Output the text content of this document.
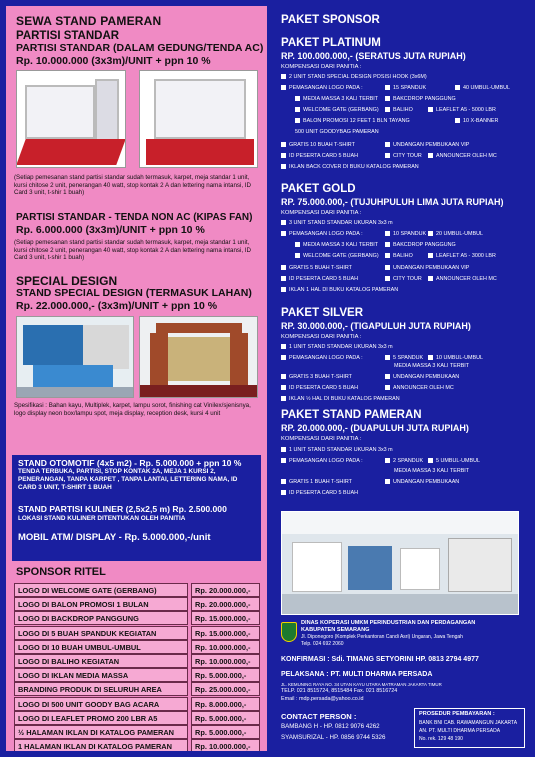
SEWA STAND PAMERAN
PARTISI STANDAR
PARTISI STANDAR (DALAM GEDUNG/TENDA AC)
Rp. 10.000.000 (3x3m)/UNIT + ppn 10 %
(Setiap pemesanan stand partisi standar sudah termasuk, karpet, meja standar 1 unit, kursi chitose 2 unit, penerangan 40 watt, stop kontak 2 A dan lettering nama intansi, ID Card 3 unit, t-shir 1 buah)
PARTISI STANDAR - TENDA NON AC (KIPAS FAN)
Rp. 6.000.000 (3x3m)/UNIT + ppn 10 %
(Setiap pemesanan stand partisi standar sudah termasuk, karpet, meja standar 1 unit, kursi chitose 2 unit, penerangan 40 watt, stop kontak 2 A dan lettering nama intansi, ID Card 3 unit, t-shir 1 buah)
SPECIAL DESIGN
STAND SPECIAL DESIGN (TERMASUK LAHAN)
Rp. 22.000.000,- (3x3m)/UNIT + ppn 10 %
Spesifikasi : Bahan kayu, Multiplek, karpet, lampu sorot, finishing cat Vinilex/sjenisnya, logo display neon box/lampu spot, meja display, reception desk, kursi 4 unit
STAND OTOMOTIF (4x5 m2) - Rp. 5.000.000 + ppn 10 %
TENDA TERBUKA, PARTISI, STOP KONTAK 2A, MEJA 1 KURSI 2, PENERANGAN, TANPA KARPET , TANPA LANTAI, LETTERING NAMA, ID CARD 3 UNIT, T-SHIRT 1 BUAH
STAND PARTISI KULINER (2,5x2,5 m) Rp. 2.500.000
LOKASI STAND KULINER DITENTUKAN OLEH PANITIA
MOBIL ATM/ DISPLAY - Rp. 5.000.000,-/unit
SPONSOR RITEL
LOGO DI WELCOME GATE (GERBANG)	Rp. 20.000.000,-
LOGO DI BALON PROMOSI 1 BULAN	Rp. 20.000.000,-
LOGO DI BACKDROP PANGGUNG	Rp. 15.000.000,-
LOGO DI 5 BUAH SPANDUK KEGIATAN	Rp. 15.000.000,-
LOGO DI 10 BUAH UMBUL-UMBUL	Rp. 10.000.000,-
LOGO DI BALIHO KEGIATAN	Rp. 10.000.000,-
LOGO DI IKLAN MEDIA MASSA	Rp. 5.000.000,-
BRANDING PRODUK DI SELURUH AREA	Rp. 25.000.000,-
LOGO DI 500 UNIT GOODY BAG ACARA	Rp. 8.000.000,-
LOGO DI LEAFLET PROMO 200 LBR A5	Rp. 5.000.000,-
½ HALAMAN IKLAN DI KATALOG PAMERAN	Rp. 5.000.000,-
1 HALAMAN IKLAN DI KATALOG PAMERAN	Rp. 10.000.000,-
PAKET SPONSOR
PAKET PLATINUM
RP. 100.000.000,- (SERATUS JUTA RUPIAH)
KOMPENSASI DARI PANITIA :
2 UNIT STAND SPECIAL DESIGN POSISI HOOK (3x6M)
PEMASANGAN LOGO PADA :	15 SPANDUK	40 UMBUL-UMBUL
MEDIA MASSA 3 KALI TERBIT	BAKCDROP PANGGUNG
WELCOME GATE (GERBANG)	BALIHO	LEAFLET A5 - 5000 LBR
BALON PROMOSI 12 FEET 1 BLN TAYANG	10 X-BANNER
500 UNIT GOODYBAG PAMERAN
GRATIS 10 BUAH T-SHIRT	UNDANGAN PEMBUKAAN VIP
ID PESERTA CARD 5 BUAH	CITY TOUR	ANNOUNCER OLEH MC
IKLAN BACK COVER DI BUKU KATALOG PAMERAN
PAKET GOLD
RP. 75.000.000,- (TUJUHPULUH LIMA JUTA RUPIAH)
KOMPENSASI DARI PANITIA :
3 UNIT STAND STANDAR UKURAN 3x3 m
PEMASANGAN LOGO PADA :	10 SPANDUK	20 UMBUL-UMBUL
MEDIA MASSA 3 KALI TERBIT	BAKCDROP PANGGUNG
WELCOME GATE (GERBANG)	BALIHO	LEAFLET A5 - 3000 LBR
GRATIS 5 BUAH T-SHIRT	UNDANGAN PEMBUKAAN VIP
ID PESERTA CARD 5 BUAH	CITY TOUR	ANNOUNCER OLEH MC
IKLAN 1 HAL DI BUKU KATALOG PAMERAN
PAKET SILVER
RP. 30.000.000,- (TIGAPULUH JUTA RUPIAH)
KOMPENSASI DARI PANITIA :
1 UNIT STAND STANDAR UKURAN 3x3 m
PEMASANGAN LOGO PADA :	5 SPANDUK	10 UMBUL-UMBUL
MEDIA MASSA 3 KALI TERBIT
GRATIS 3 BUAH T-SHIRT	UNDANGAN PEMBUKAAN
ID PESERTA CARD 5 BUAH	ANNOUNCER OLEH MC
IKLAN ½ HAL DI BUKU KATALOG PAMERAN
PAKET STAND PAMERAN
RP. 20.000.000,- (DUAPULUH JUTA RUPIAH)
KOMPENSASI DARI PANITIA :
1 UNIT STAND STANDAR UKURAN 3x3 m
PEMASANGAN LOGO PADA :	2 SPANDUK	5 UMBUL-UMBUL
MEDIA MASSA 3 KALI TERBIT
GRATIS 1 BUAH T-SHIRT	UNDANGAN PEMBUKAAN
ID PESERTA CARD 5 BUAH
DINAS KOPERASI UMKM PERINDUSTRIAN DAN PERDAGANGAN
KABUPATEN SEMARANG
Jl. Diponegoro (Komplek Perkantoran Candi Asri) Ungaran, Jawa Tengah
Telp. 024 692 2060
KONFIRMASI : Sdi. TIMANG SETYORINI HP. 0813 2794 4977
PELAKSANA : PT. MULTI DHARMA PERSADA
JL. KEMUNING RAYA NO. 34 UTAN KAYU UTARA MATRAMAN JAKARTA TIMUR
TELP. 021 8515724, 8515484 Fax. 021 8516724
Email : mdp.persada@yahoo.co.id
CONTACT PERSON :
BAMBANG H - HP. 0812 9076 4262
SYAMSURIZAL - HP. 0856 9744 5326
PROSEDUR PEMBAYARAN :
BANK BNI CAB. RAWAMANGUN JAKARTA
AN. PT. MULTI DHARMA PERSADA
No. rek. 129 48 190
